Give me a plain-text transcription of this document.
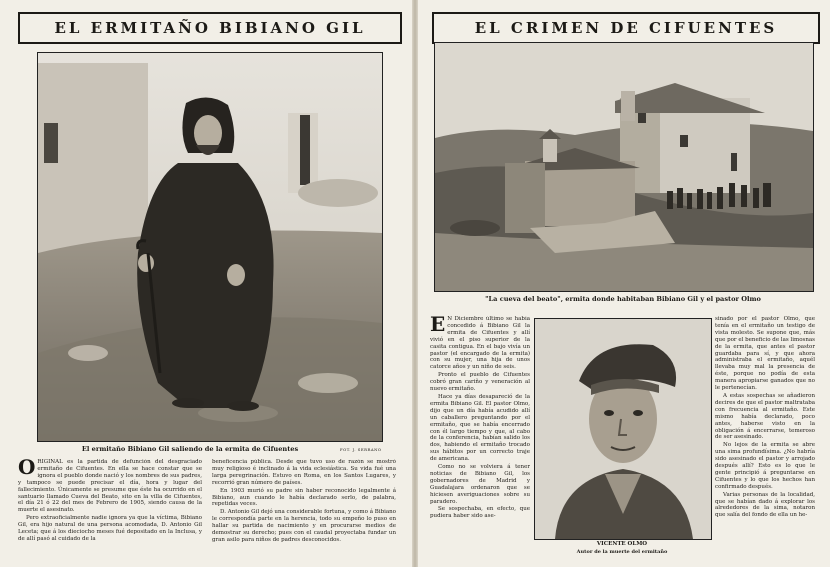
EL ERMITAÑO BIBIANO GIL
El ermitaño Bibiano Gil saliendo de la ermita de Cifuentes	FOT. J. SERRANO

ORIGINAL es la partida de defunción del desgraciado ermitaño de Cifuentes. En ella se hace constar que se ignora el pueblo donde nació y los nombres de sus padres, y tampoco se puede precisar el día, hora y lugar del fallecimiento. Únicamente se presume que éste ha ocurrido en el santuario llamado Cueva del Beato, sito en la villa de Cifuentes, el día 21 ó 22 del mes de Febrero de 1905, siendo causa de la muerte el asesinato.

Pero extraoficialmente nadie ignora ya que la víctima, Bibiano Gil, era hijo natural de una persona acomodada, D. Antonio Gil Leceta; que á los dieciocho meses fué depositado en la Inclusa, y de allí pasó al cuidado de la

beneficencia pública. Desde que tuvo uso de razón se mostró muy religioso é inclinado á la vida eclesiástica. Su vida fué una larga peregrinación. Estuvo en Roma, en los Santos Lugares, y recorrió gran número de países.

En 1903 murió su padre sin haber reconocido legalmente á Bibiano, aun cuando le había declarado serlo, de palabra, repetidas veces.

D. Antonio Gil dejó una considerable fortuna, y como á Bibiano le correspondía parte en la herencia, todo su empeño lo puso en hallar su partida de nacimiento y en procurarse medios de demostrar su derecho; pues con el caudal proyectaba fundar un gran asilo para niños de padres desconocidos.

EL CRIMEN DE CIFUENTES
"La cueva del beato", ermita donde habitaban Bibiano Gil y el pastor Olmo

E N Diciembre último se había concedido á Bibiano Gil la ermita de Cifuentes y allí vivió en el piso superior de la casita contigua. En el bajo vivía un pastor (el encargado de la ermita) con su mujer, una hija de unos catorce años y un niño de seis.

Pronto el pueblo de Cifuentes cobró gran cariño y veneración al nuevo ermitaño.

Hace ya días desapareció de la ermita Bibiano Gil. El pastor Olmo, dijo que un día había acudido allí un caballero preguntando por el ermitaño, que se había encerrado con él largo tiempo y que, al cabo de la conferencia, habían salido los dos, habiendo el ermitaño trocado sus hábitos por un correcto traje de americana.

Como no se volviera á tener noticias de Bibiano Gil, los gobernadores de Madrid y Guadalajara ordenaron que se hiciesen averiguaciones sobre su paradero.

Se sospechaba, en efecto, que pudiera haber sido ase-

VICENTE OLMO
Autor de la muerte del ermitaño

sinado por el pastor Olmo, que tenía en el ermitaño un testigo de vista molesto. Se supone que, más que por el beneficio de las limosnas de la ermita, que antes el pastor guardaba para sí, y que ahora administraba el ermitaño, aquél llevaba muy mal la presencia de éste, porque no podía de esta manera apropiarse ganados que no le pertenecían.

A estas sospechas se añadieron decires de que el pastor maltrataba con frecuencia al ermitaño. Este mismo había declarado, poco antes, haberse visto en la obligación á encerrarse, temeroso de ser asesinado.

No lejos de la ermita se abre una sima profundísima. ¿No habría sido asesinado el pastor y arrojado después allí? Esto es lo que le gente principió á preguntarse en Cifuentes y lo que los hechos han confirmado después.

Varias personas de la localidad, que se habían dado á explorar los alrededores de la sima, notaron que salía del fondo de ella un he-
